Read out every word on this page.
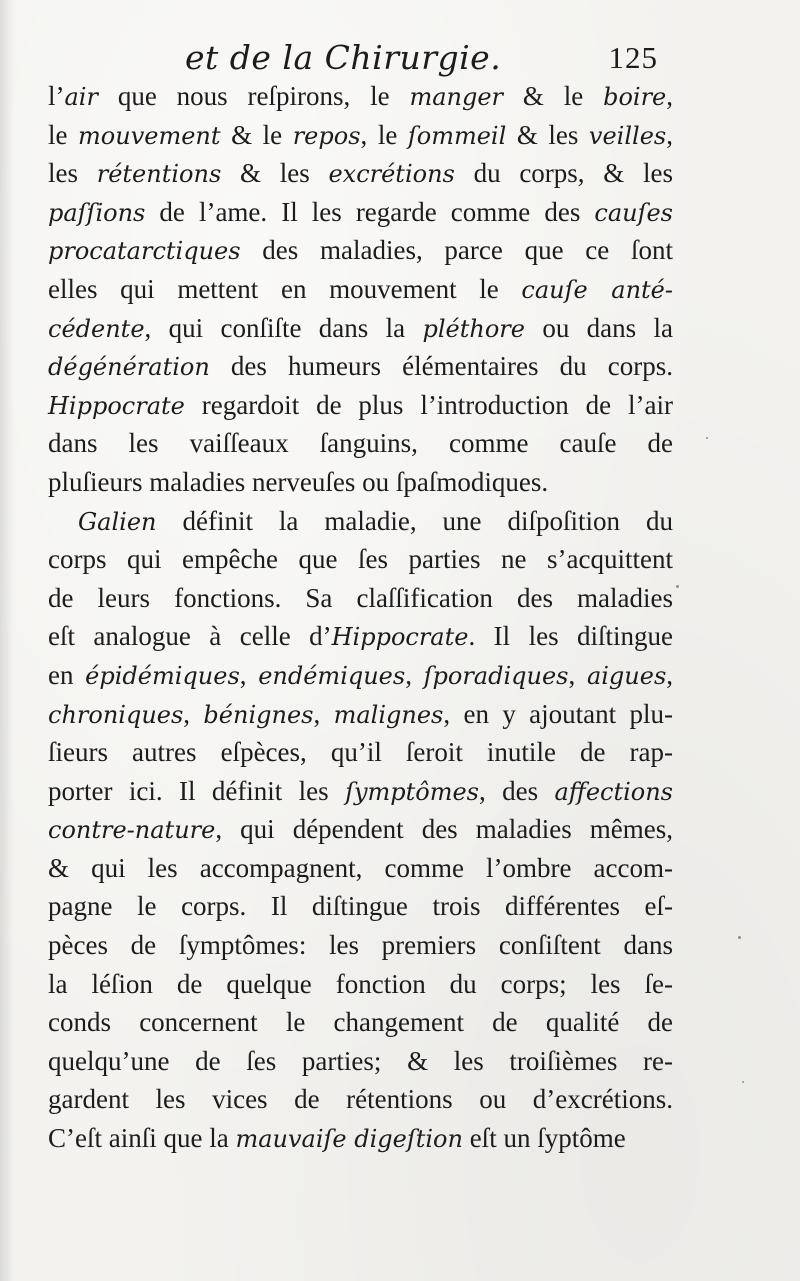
et de la Chirurgie.	125
l’air que nous reſpirons, le manger & le boire,
le mouvement & le repos, le ſommeil & les veilles,
les rétentions & les excrétions du corps, & les
paſſions de l’ame. Il les regarde comme des cauſes
procatarctiques des maladies, parce que ce ſont
elles qui mettent en mouvement le cauſe anté-
cédente, qui conſiſte dans la pléthore ou dans la
dégénération des humeurs élémentaires du corps.
Hippocrate regardoit de plus l’introduction de l’air
dans les vaiſſeaux ſanguins, comme cauſe de
pluſieurs maladies nerveuſes ou ſpaſmodiques.
Galien définit la maladie, une diſpoſition du
corps qui empêche que ſes parties ne s’acquittent
de leurs fonctions. Sa claſſification des maladies
eſt analogue à celle d’Hippocrate. Il les diſtingue
en épidémiques, endémiques, ſporadiques, aigues,
chroniques, bénignes, malignes, en y ajoutant plu-
ſieurs autres eſpèces, qu’il ſeroit inutile de rap-
porter ici. Il définit les ſymptômes, des affections
contre-nature, qui dépendent des maladies mêmes,
& qui les accompagnent, comme l’ombre accom-
pagne le corps. Il diſtingue trois différentes eſ-
pèces de ſymptômes: les premiers conſiſtent dans
la léſion de quelque fonction du corps; les ſe-
conds concernent le changement de qualité de
quelqu’une de ſes parties; & les troiſièmes re-
gardent les vices de rétentions ou d’excrétions.
C’eſt ainſi que la mauvaiſe digeſtion eſt un ſyptôme
